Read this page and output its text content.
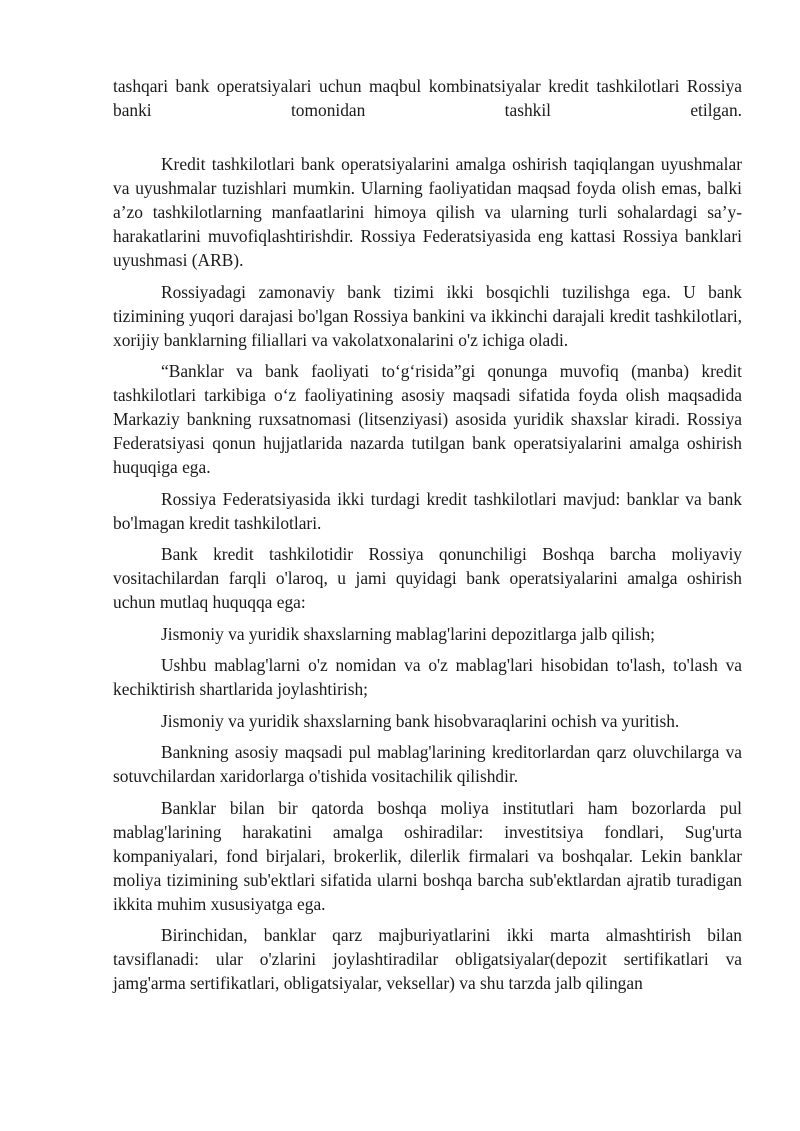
tashqari bank operatsiyalari uchun maqbul kombinatsiyalar kredit tashkilotlari Rossiya banki tomonidan tashkil etilgan.

Kredit tashkilotlari bank operatsiyalarini amalga oshirish taqiqlangan uyushmalar va uyushmalar tuzishlari mumkin. Ularning faoliyatidan maqsad foyda olish emas, balki a’zo tashkilotlarning manfaatlarini himoya qilish va ularning turli sohalardagi sa’y-harakatlarini muvofiqlashtirishdir. Rossiya Federatsiyasida eng kattasi Rossiya banklari uyushmasi (ARB).

Rossiyadagi zamonaviy bank tizimi ikki bosqichli tuzilishga ega. U bank tizimining yuqori darajasi bo'lgan Rossiya bankini va ikkinchi darajali kredit tashkilotlari, xorijiy banklarning filiallari va vakolatxonalarini o'z ichiga oladi.

“Banklar va bank faoliyati to‘g‘risida”gi qonunga muvofiq (manba) kredit tashkilotlari tarkibiga o‘z faoliyatining asosiy maqsadi sifatida foyda olish maqsadida Markaziy bankning ruxsatnomasi (litsenziyasi) asosida yuridik shaxslar kiradi. Rossiya Federatsiyasi qonun hujjatlarida nazarda tutilgan bank operatsiyalarini amalga oshirish huquqiga ega.

Rossiya Federatsiyasida ikki turdagi kredit tashkilotlari mavjud: banklar va bank bo'lmagan kredit tashkilotlari.

Bank kredit tashkilotidir Rossiya qonunchiligi Boshqa barcha moliyaviy vositachilardan farqli o'laroq, u jami quyidagi bank operatsiyalarini amalga oshirish uchun mutlaq huquqqa ega:

Jismoniy va yuridik shaxslarning mablag'larini depozitlarga jalb qilish;

Ushbu mablag'larni o'z nomidan va o'z mablag'lari hisobidan to'lash, to'lash va kechiktirish shartlarida joylashtirish;

Jismoniy va yuridik shaxslarning bank hisobvaraqlarini ochish va yuritish.

Bankning asosiy maqsadi pul mablag'larining kreditorlardan qarz oluvchilarga va sotuvchilardan xaridorlarga o'tishida vositachilik qilishdir.

Banklar bilan bir qatorda boshqa moliya institutlari ham bozorlarda pul mablag'larining harakatini amalga oshiradilar: investitsiya fondlari, Sug'urta kompaniyalari, fond birjalari, brokerlik, dilerlik firmalari va boshqalar. Lekin banklar moliya tizimining sub'ektlari sifatida ularni boshqa barcha sub'ektlardan ajratib turadigan ikkita muhim xususiyatga ega.

Birinchidan, banklar qarz majburiyatlarini ikki marta almashtirish bilan tavsiflanadi: ular o'zlarini joylashtiradilar obligatsiyalar(depozit sertifikatlari va jamg'arma sertifikatlari, obligatsiyalar, veksellar) va shu tarzda jalb qilingan
